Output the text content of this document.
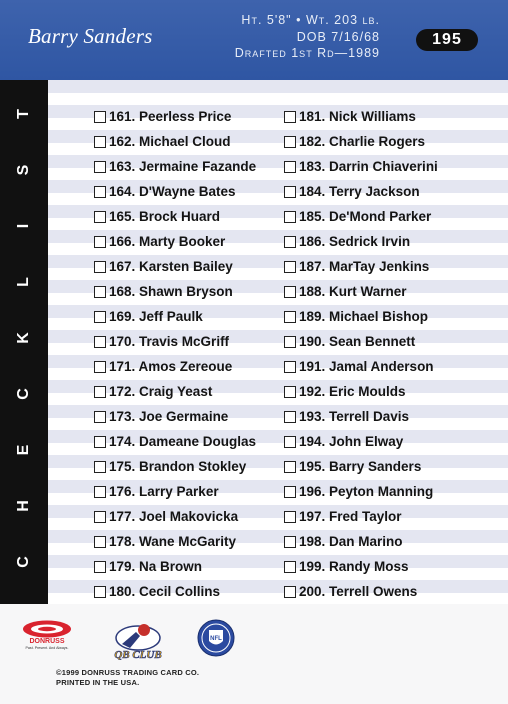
Barry Sanders
Ht. 5'8" • Wt. 203 lb.
DOB 7/16/68
Drafted 1st Rd—1989
195
T
S
I
L
K
C
E
H
C
161. Peerless Price
162. Michael Cloud
163. Jermaine Fazande
164. D'Wayne Bates
165. Brock Huard
166. Marty Booker
167. Karsten Bailey
168. Shawn Bryson
169. Jeff Paulk
170. Travis McGriff
171. Amos Zereoue
172. Craig Yeast
173. Joe Germaine
174. Dameane Douglas
175. Brandon Stokley
176. Larry Parker
177. Joel Makovicka
178. Wane McGarity
179. Na Brown
180. Cecil Collins
181. Nick Williams
182. Charlie Rogers
183. Darrin Chiaverini
184. Terry Jackson
185. De'Mond Parker
186. Sedrick Irvin
187. MarTay Jenkins
188. Kurt Warner
189. Michael Bishop
190. Sean Bennett
191. Jamal Anderson
192. Eric Moulds
193. Terrell Davis
194. John Elway
195. Barry Sanders
196. Peyton Manning
197. Fred Taylor
198. Dan Marino
199. Randy Moss
200. Terrell Owens
DONRUSS
Past. Present. And Always.
QB CLUB
NFL
©1999 DONRUSS TRADING CARD CO.
PRINTED IN THE USA.
